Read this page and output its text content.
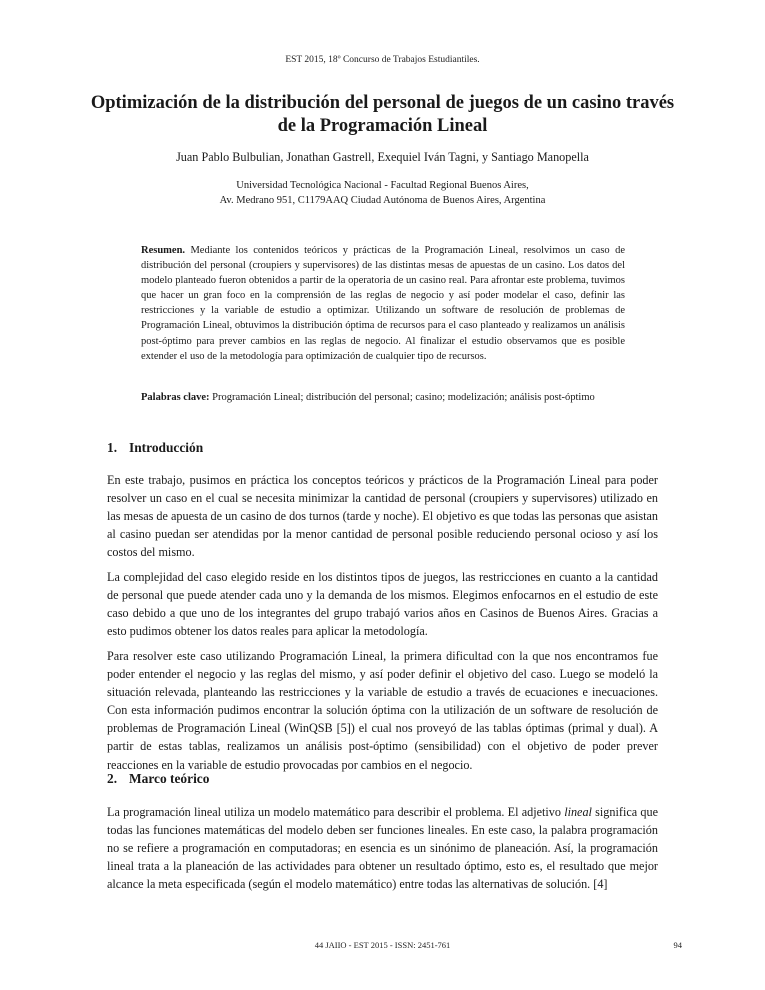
EST 2015, 18º Concurso de Trabajos Estudiantiles.
Optimización de la distribución del personal de juegos de un casino través de la Programación Lineal
Juan Pablo Bulbulian, Jonathan Gastrell, Exequiel Iván Tagni, y Santiago Manopella
Universidad Tecnológica Nacional - Facultad Regional Buenos Aires,
Av. Medrano 951, C1179AAQ Ciudad Autónoma de Buenos Aires, Argentina

Resumen. Mediante los contenidos teóricos y prácticas de la Programación Lineal, resolvimos un caso de distribución del personal (croupiers y supervisores) de las distintas mesas de apuestas de un casino. Los datos del modelo planteado fueron obtenidos a partir de la operatoria de un casino real. Para afrontar este problema, tuvimos que hacer un gran foco en la comprensión de las reglas de negocio y así poder modelar el caso, definir las restricciones y la variable de estudio a optimizar. Utilizando un software de resolución de problemas de Programación Lineal, obtuvimos la distribución óptima de recursos para el caso planteado y realizamos un análisis post-óptimo para prever cambios en las reglas de negocio. Al finalizar el estudio observamos que es posible extender el uso de la metodología para optimización de cualquier tipo de recursos.

Palabras clave: Programación Lineal; distribución del personal; casino; modelización; análisis post-óptimo

1. Introducción

En este trabajo, pusimos en práctica los conceptos teóricos y prácticos de la Programación Lineal para poder resolver un caso en el cual se necesita minimizar la cantidad de personal (croupiers y supervisores) utilizado en las mesas de apuesta de un casino de dos turnos (tarde y noche). El objetivo es que todas las personas que asistan al casino puedan ser atendidas por la menor cantidad de personal posible reduciendo personal ocioso y así los costos del mismo.

La complejidad del caso elegido reside en los distintos tipos de juegos, las restricciones en cuanto a la cantidad de personal que puede atender cada uno y la demanda de los mismos. Elegimos enfocarnos en el estudio de este caso debido a que uno de los integrantes del grupo trabajó varios años en Casinos de Buenos Aires. Gracias a esto pudimos obtener los datos reales para aplicar la metodología.

Para resolver este caso utilizando Programación Lineal, la primera dificultad con la que nos encontramos fue poder entender el negocio y las reglas del mismo, y así poder definir el objetivo del caso. Luego se modeló la situación relevada, planteando las restricciones y la variable de estudio a través de ecuaciones e inecuaciones. Con esta información pudimos encontrar la solución óptima con la utilización de un software de resolución de problemas de Programación Lineal (WinQSB [5]) el cual nos proveyó de las tablas óptimas (primal y dual). A partir de estas tablas, realizamos un análisis post-óptimo (sensibilidad) con el objetivo de poder prever reacciones en la variable de estudio provocadas por cambios en el negocio.

2. Marco teórico

La programación lineal utiliza un modelo matemático para describir el problema. El adjetivo lineal significa que todas las funciones matemáticas del modelo deben ser funciones lineales. En este caso, la palabra programación no se refiere a programación en computadoras; en esencia es un sinónimo de planeación. Así, la programación lineal trata a la planeación de las actividades para obtener un resultado óptimo, esto es, el resultado que mejor alcance la meta especificada (según el modelo matemático) entre todas las alternativas de solución. [4]

44 JAIIO - EST 2015 - ISSN: 2451-761	94
